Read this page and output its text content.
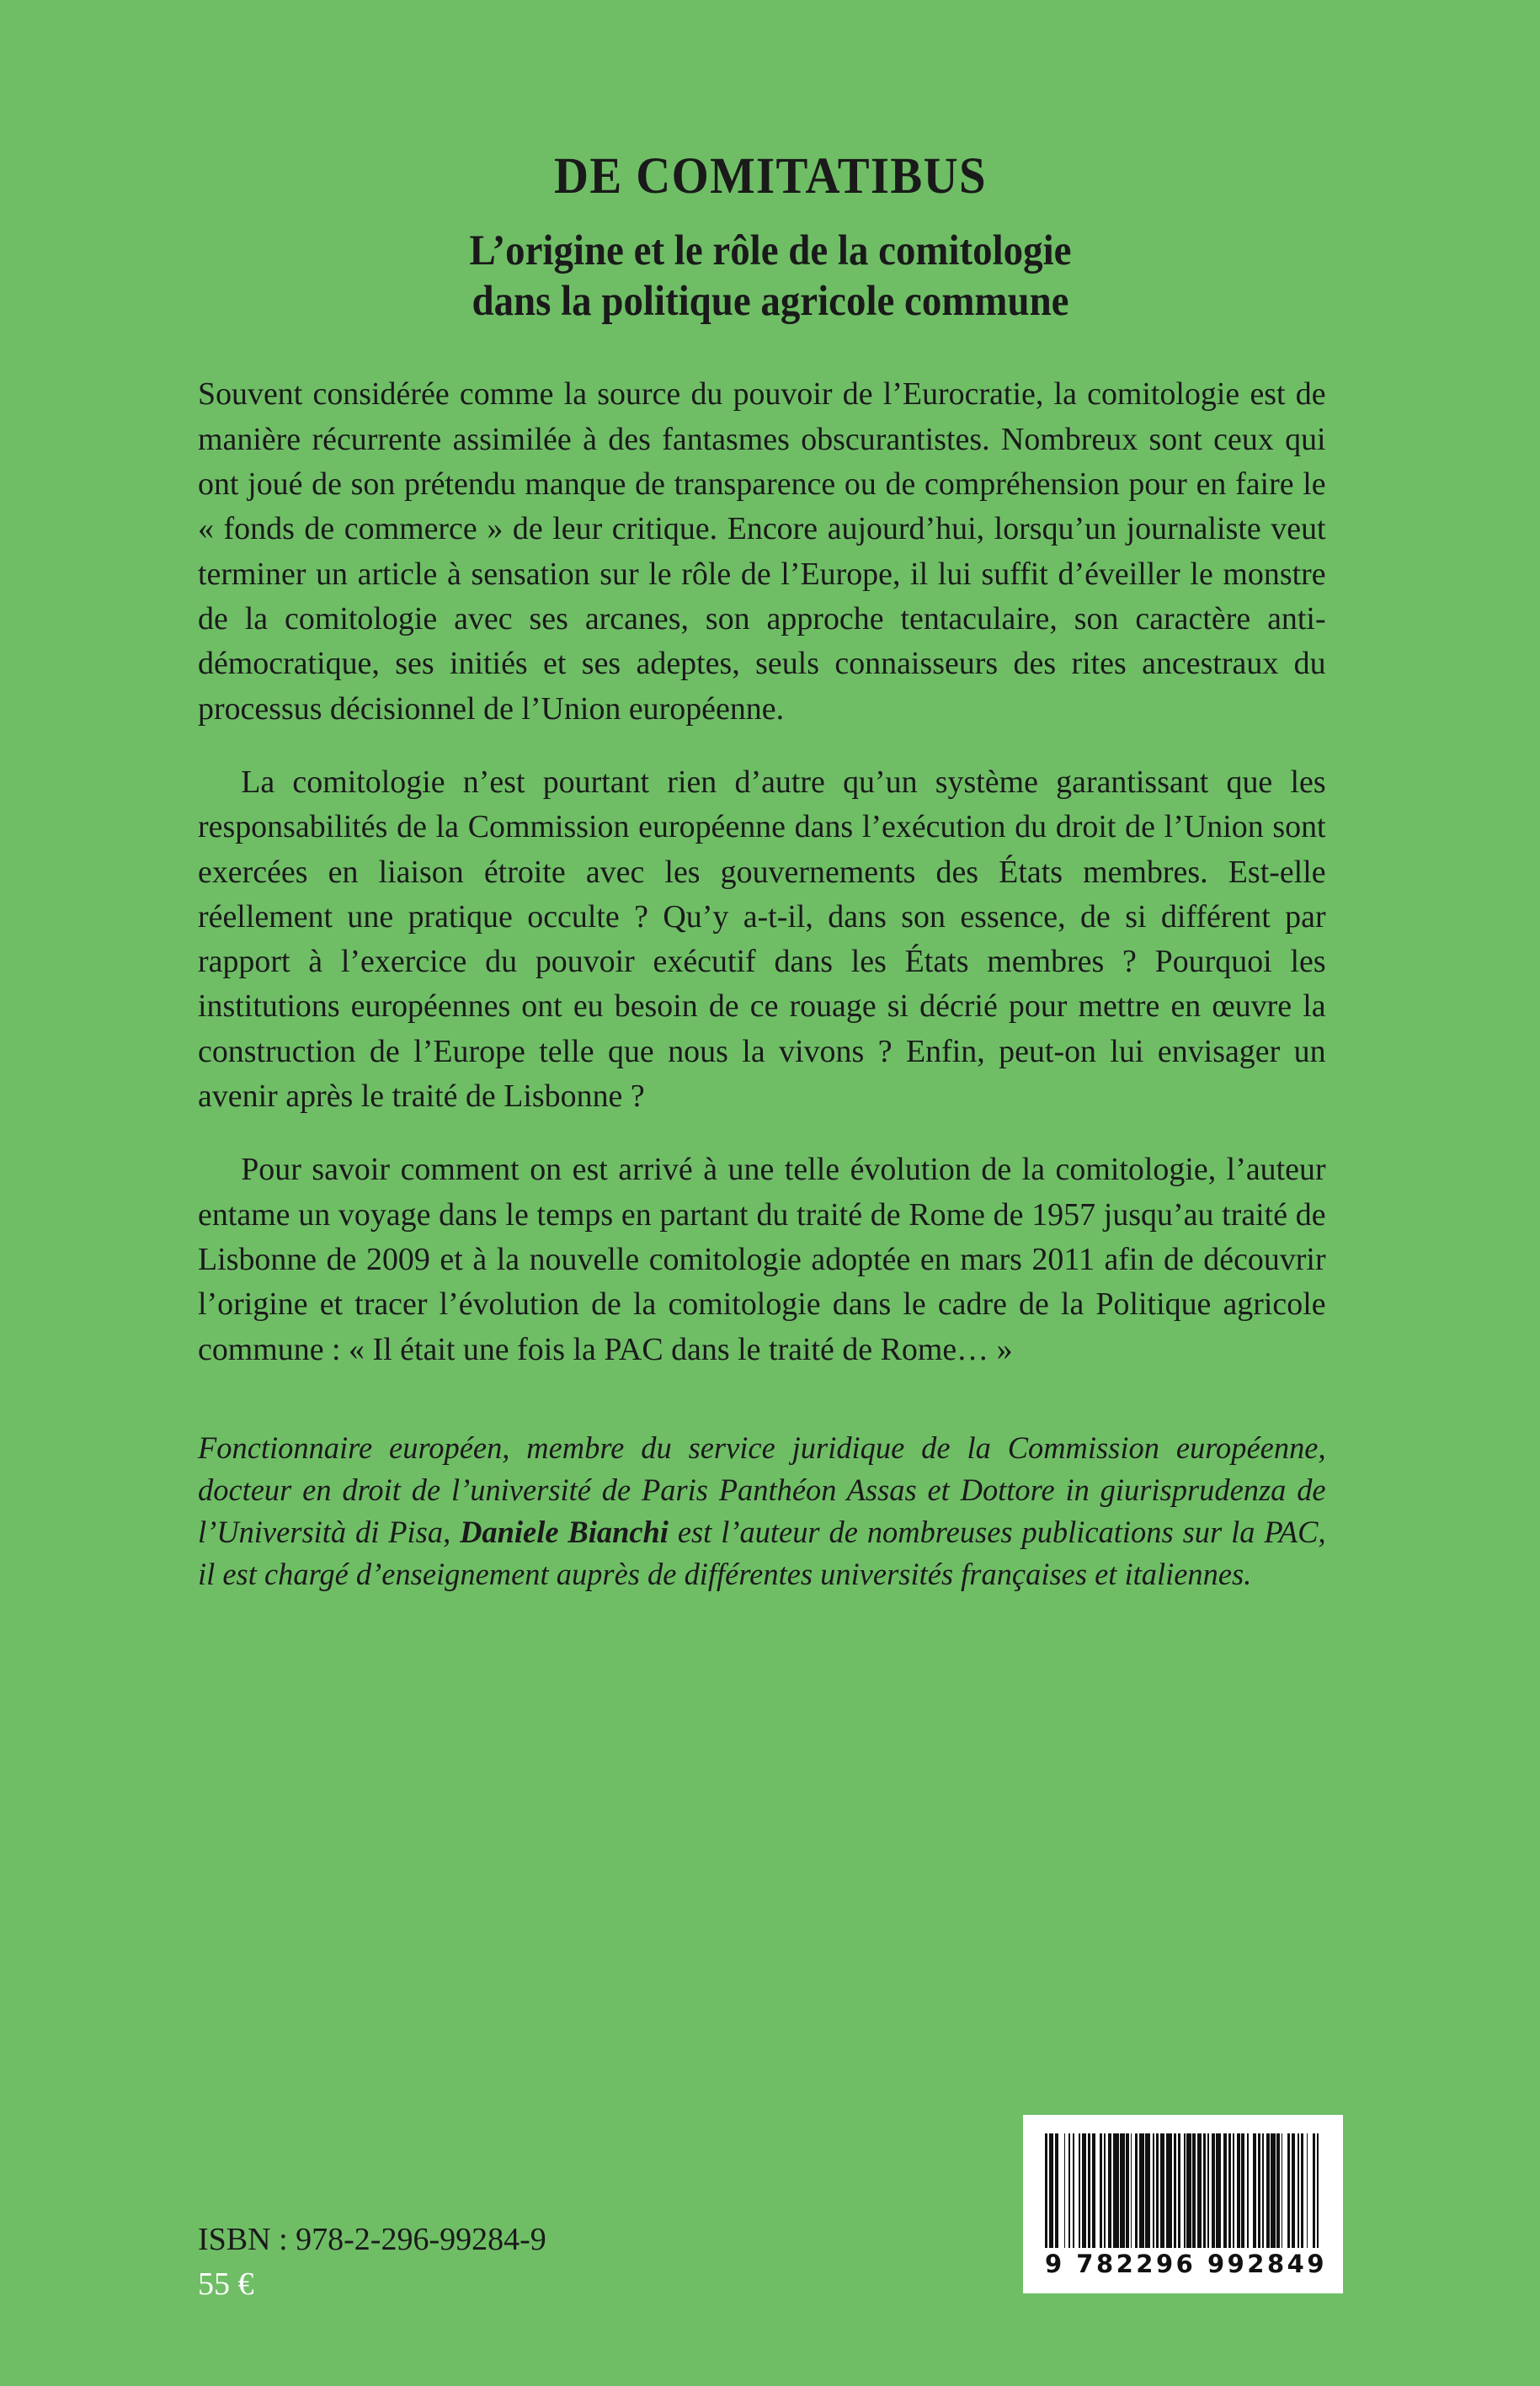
DE COMITATIBUS
L’origine et le rôle de la comitologie
dans la politique agricole commune

Souvent considérée comme la source du pouvoir de l’Eurocratie, la comitologie est de manière récurrente assimilée à des fantasmes obscurantistes. Nombreux sont ceux qui ont joué de son prétendu manque de transparence ou de compréhension pour en faire le « fonds de commerce » de leur critique. Encore aujourd’hui, lorsqu’un journaliste veut terminer un article à sensation sur le rôle de l’Europe, il lui suffit d’éveiller le monstre de la comitologie avec ses arcanes, son approche tentaculaire, son caractère anti-démocratique, ses initiés et ses adeptes, seuls connaisseurs des rites ancestraux du processus décisionnel de l’Union européenne.

La comitologie n’est pourtant rien d’autre qu’un système garantissant que les responsabilités de la Commission européenne dans l’exécution du droit de l’Union sont exercées en liaison étroite avec les gouvernements des États membres. Est-elle réellement une pratique occulte ? Qu’y a-t-il, dans son essence, de si différent par rapport à l’exercice du pouvoir exécutif dans les États membres ? Pourquoi les institutions européennes ont eu besoin de ce rouage si décrié pour mettre en œuvre la construction de l’Europe telle que nous la vivons ? Enfin, peut-on lui envisager un avenir après le traité de Lisbonne ?

Pour savoir comment on est arrivé à une telle évolution de la comitologie, l’auteur entame un voyage dans le temps en partant du traité de Rome de 1957 jusqu’au traité de Lisbonne de 2009 et à la nouvelle comitologie adoptée en mars 2011 afin de découvrir l’origine et tracer l’évolution de la comitologie dans le cadre de la Politique agricole commune : « Il était une fois la PAC dans le traité de Rome… »

Fonctionnaire européen, membre du service juridique de la Commission européenne, docteur en droit de l’université de Paris Panthéon Assas et Dottore in giurisprudenza de l’Università di Pisa, Daniele Bianchi est l’auteur de nombreuses publications sur la PAC, il est chargé d’enseignement auprès de différentes universités françaises et italiennes.
ISBN : 978-2-296-99284-9
55 €
9 782296 992849
